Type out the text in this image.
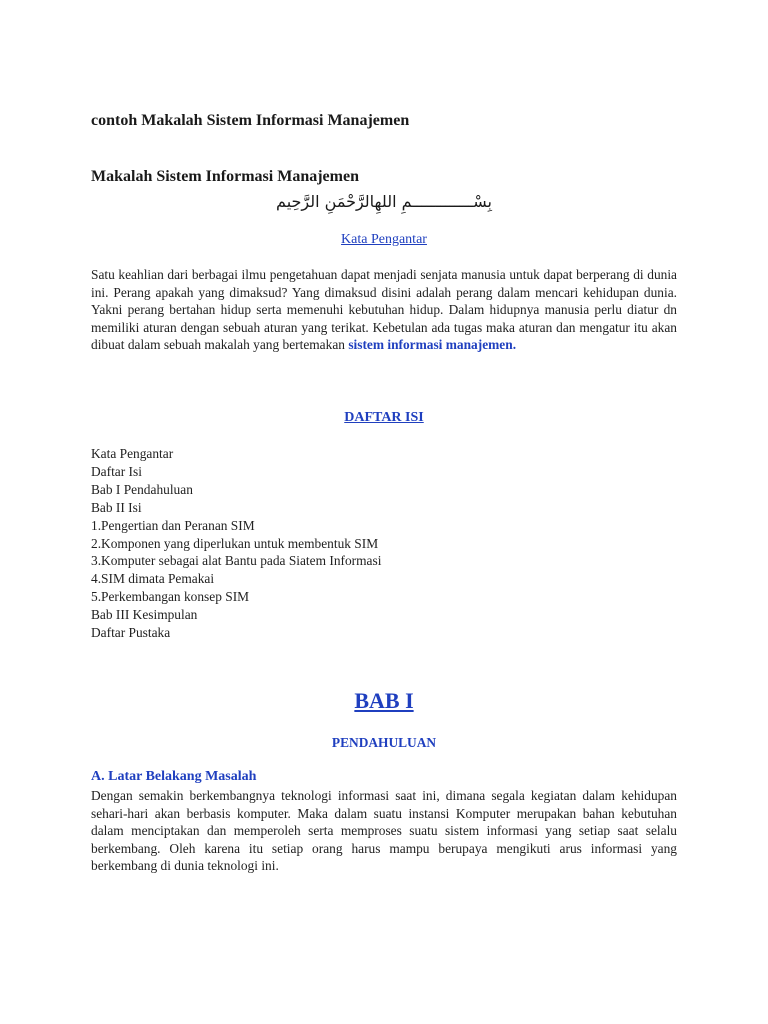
contoh Makalah Sistem Informasi Manajemen
Makalah Sistem Informasi Manajemen
بِسْـــــــــــــمِ اللهِالرَّحْمَنِ الرَّحِيم
Kata Pengantar
Satu keahlian dari berbagai ilmu pengetahuan dapat menjadi senjata manusia untuk dapat berperang di dunia ini. Perang apakah yang dimaksud? Yang dimaksud disini adalah perang dalam mencari kehidupan dunia. Yakni perang bertahan hidup serta memenuhi kebutuhan hidup. Dalam hidupnya manusia perlu diatur dn memiliki aturan dengan sebuah aturan yang terikat. Kebetulan ada tugas maka aturan dan mengatur itu akan dibuat dalam sebuah makalah yang bertemakan sistem informasi manajemen.
DAFTAR ISI
Kata Pengantar
Daftar Isi
Bab I Pendahuluan
Bab II Isi
1.Pengertian dan Peranan SIM
2.Komponen yang diperlukan untuk membentuk SIM
3.Komputer sebagai alat Bantu pada Siatem Informasi
4.SIM dimata Pemakai
5.Perkembangan konsep SIM
Bab III Kesimpulan
Daftar Pustaka
BAB I
PENDAHULUAN
A. Latar Belakang Masalah
Dengan semakin berkembangnya teknologi informasi saat ini, dimana segala kegiatan dalam kehidupan sehari-hari akan berbasis komputer. Maka dalam suatu instansi Komputer merupakan bahan kebutuhan dalam menciptakan dan memperoleh serta memproses suatu sistem informasi yang setiap saat selalu berkembang. Oleh karena itu setiap orang harus mampu berupaya mengikuti arus informasi yang berkembang di dunia teknologi ini.
